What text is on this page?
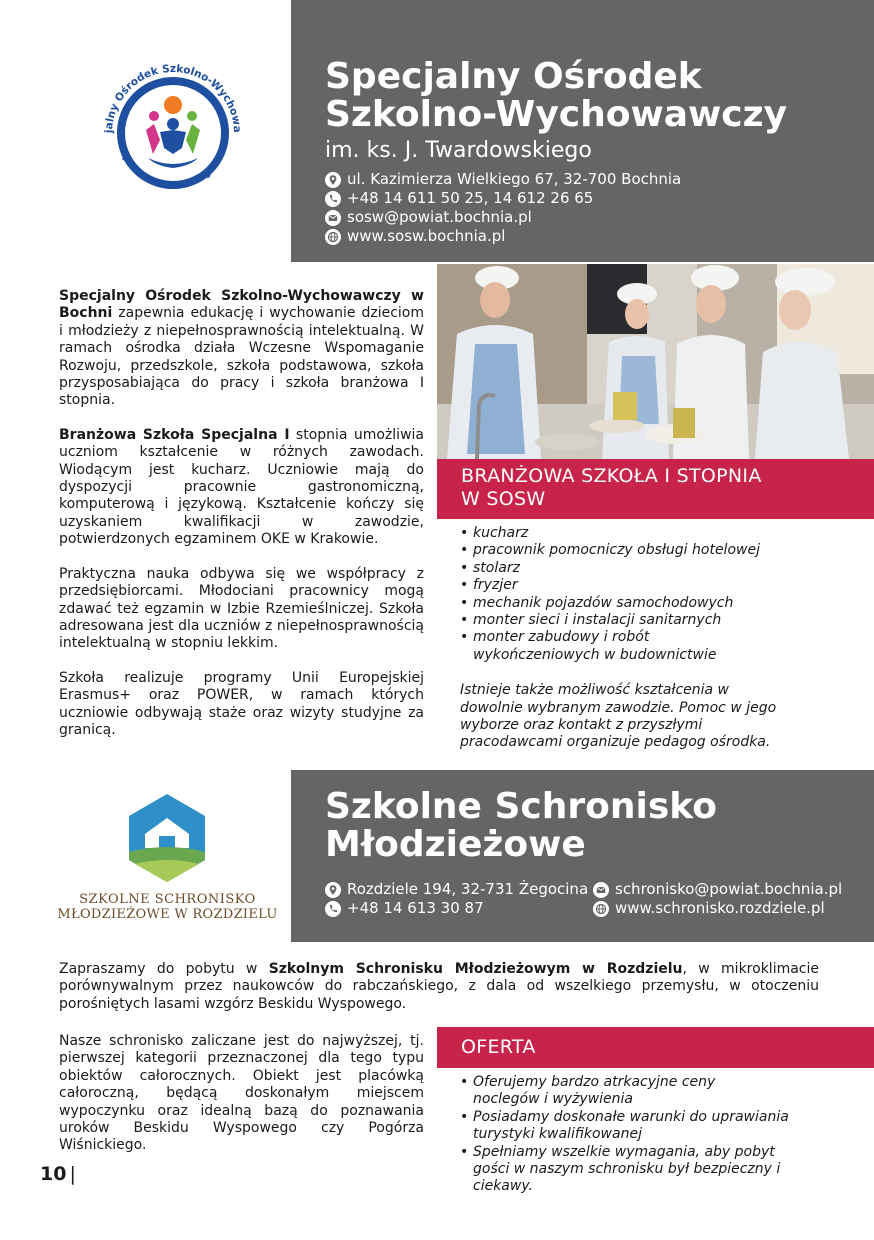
jalny Ośrodek Szkolno-Wychowa
s. Jana Twardowskiego w B
Specjalny Ośrodek
Szkolno-Wychowawczy
im. ks. J. Twardowskiego
ul. Kazimierza Wielkiego 67, 32-700 Bochnia
+48 14 611 50 25, 14 612 26 65
sosw@powiat.bochnia.pl
www.sosw.bochnia.pl

Specjalny Ośrodek Szkolno-Wychowawczy w Bochni zapewnia edukację i wychowanie dzieciom i młodzieży z niepełnosprawnością intelektualną. W ramach ośrodka działa Wczesne Wspomaganie Rozwoju, przedszkole, szkoła podstawowa, szkoła przysposabiająca do pracy i szkoła branżowa I stopnia.

Branżowa Szkoła Specjalna I stopnia umożliwia uczniom kształcenie w różnych zawodach. Wiodącym jest kucharz. Uczniowie mają do dyspozycji pracownie gastronomiczną, komputerową i językową. Kształcenie kończy się uzyskaniem kwalifikacji w zawodzie, potwierdzonych egzaminem OKE w Krakowie.

Praktyczna nauka odbywa się we współpracy z przedsiębiorcami. Młodociani pracownicy mogą zdawać też egzamin w Izbie Rzemieślniczej. Szkoła adresowana jest dla uczniów z niepełnosprawnością intelektualną w stopniu lekkim.

Szkoła realizuje programy Unii Europejskiej Erasmus+ oraz POWER, w ramach których uczniowie odbywają staże oraz wizyty studyjne za granicą.

BRANŻOWA SZKOŁA I STOPNIA
W SOSW
• kucharz
• pracownik pomocniczy obsługi hotelowej
• stolarz
• fryzjer
• mechanik pojazdów samochodowych
• monter sieci i instalacji sanitarnych
• monter zabudowy i robót wykończeniowych w budownictwie
Istnieje także możliwość kształcenia w dowolnie wybranym zawodzie. Pomoc w jego wyborze oraz kontakt z przyszłymi pracodawcami organizuje pedagog ośrodka.
SZKOLNE SCHRONISKO
MŁODZIEŻOWE W ROZDZIELU
Szkolne Schronisko
Młodzieżowe
Rozdziele 194, 32-731 Żegocina
+48 14 613 30 87
schronisko@powiat.bochnia.pl
www.schronisko.rozdziele.pl
Zapraszamy do pobytu w Szkolnym Schronisku Młodzieżowym w Rozdzielu, w mikroklimacie porównywalnym przez naukowców do rabczańskiego, z dala od wszelkiego przemysłu, w otoczeniu porośniętych lasami wzgórz Beskidu Wyspowego.

Nasze schronisko zaliczane jest do najwyższej, tj. pierwszej kategorii przeznaczonej dla tego typu obiektów całorocznych. Obiekt jest placówką całoroczną, będącą doskonałym miejscem wypoczynku oraz idealną bazą do poznawania uroków Beskidu Wyspowego czy Pogórza Wiśnickiego.

OFERTA
• Oferujemy bardzo atrkacyjne ceny noclegów i wyżywienia
• Posiadamy doskonałe warunki do uprawiania turystyki kwalifikowanej
• Spełniamy wszelkie wymagania, aby pobyt gości w naszym schronisku był bezpieczny i ciekawy.
10 |
